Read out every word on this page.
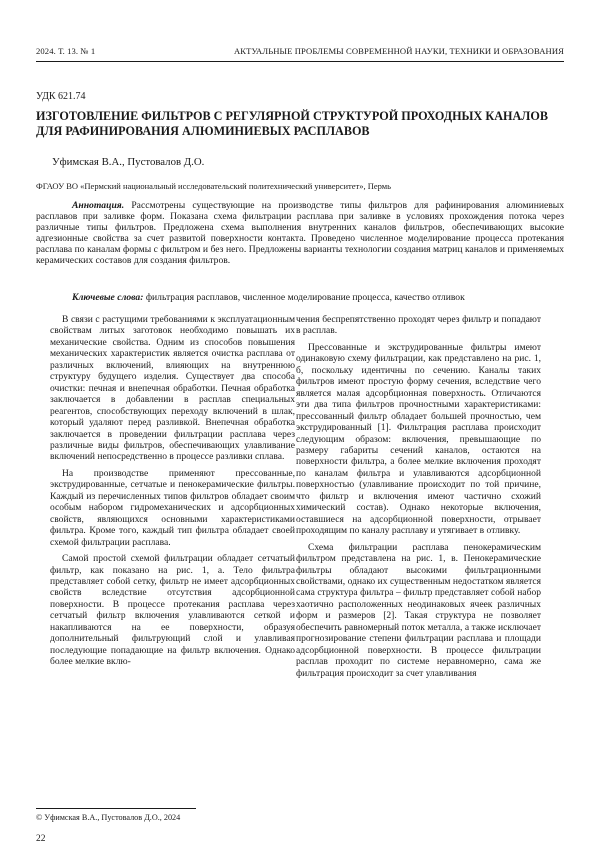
2024. Т. 13. № 1	АКТУАЛЬНЫЕ ПРОБЛЕМЫ СОВРЕМЕННОЙ НАУКИ, ТЕХНИКИ И ОБРАЗОВАНИЯ
УДК 621.74
ИЗГОТОВЛЕНИЕ ФИЛЬТРОВ С РЕГУЛЯРНОЙ СТРУКТУРОЙ ПРОХОДНЫХ КАНАЛОВ ДЛЯ РАФИНИРОВАНИЯ АЛЮМИНИЕВЫХ РАСПЛАВОВ
Уфимская В.А., Пустовалов Д.О.
ФГАОУ ВО «Пермский национальный исследовательский политехнический университет», Пермь

Аннотация. Рассмотрены существующие на производстве типы фильтров для рафинирования алюминиевых расплавов при заливке форм. Показана схема фильтрации расплава при заливке в условиях прохождения потока через различные типы фильтров. Предложена схема выполнения внутренних каналов фильтров, обеспечивающих высокие адгезионные свойства за счет развитой поверхности контакта. Проведено численное моделирование процесса протекания расплава по каналам формы с фильтром и без него. Предложены варианты технологии создания матриц каналов и применяемых керамических составов для создания фильтров.

Ключевые слова: фильтрация расплавов, численное моделирование процесса, качество отливок

В связи с растущими требованиями к эксплуатационным свойствам литых заготовок необходимо повышать их механические свойства. Одним из способов повышения механических характеристик является очистка расплава от различных включений, влияющих на внутреннюю структуру будущего изделия. Существует два способа очистки: печная и внепечная обработки. Печная обработка заключается в добавлении в расплав специальных реагентов, способствующих переходу включений в шлак, который удаляют перед разливкой. Внепечная обработка заключается в проведении фильтрации расплава через различные виды фильтров, обеспечивающих улавливание включений непосредственно в процессе разливки сплава.

На производстве применяют прессованные, экструдированные, сетчатые и пенокерамические фильтры. Каждый из перечисленных типов фильтров обладает своим особым набором гидромеханических и адсорбционных свойств, являющихся основными характеристиками фильтра. Кроме того, каждый тип фильтра обладает своей схемой фильтрации расплава.

Самой простой схемой фильтрации обладает сетчатый фильтр, как показано на рис. 1, а. Тело фильтра представляет собой сетку, фильтр не имеет адсорбционных свойств вследствие отсутствия адсорбционной поверхности. В процессе протекания расплава через сетчатый фильтр включения улавливаются сеткой и накапливаются на ее поверхности, образуя дополнительный фильтрующий слой и улавливая последующие попадающие на фильтр включения. Однако более мелкие вклю-

чения беспрепятственно проходят через фильтр и попадают в расплав.

Прессованные и экструдированные фильтры имеют одинаковую схему фильтрации, как представлено на рис. 1, б, поскольку идентичны по сечению. Каналы таких фильтров имеют простую форму сечения, вследствие чего является малая адсорбционная поверхность. Отличаются эти два типа фильтров прочностными характеристиками: прессованный фильтр обладает большей прочностью, чем экструдированный [1]. Фильтрация расплава происходит следующим образом: включения, превышающие по размеру габариты сечений каналов, остаются на поверхности фильтра, а более мелкие включения проходят по каналам фильтра и улавливаются адсорбционной поверхностью (улавливание происходит по той причине, что фильтр и включения имеют частично схожий химический состав). Однако некоторые включения, оставшиеся на адсорбционной поверхности, отрывает проходящим по каналу расплаву и утягивает в отливку.

Схема фильтрации расплава пенокерамическим фильтром представлена на рис. 1, в. Пенокерамические фильтры обладают высокими фильтрационными свойствами, однако их существенным недостатком является сама структура фильтра – фильтр представляет собой набор хаотично расположенных неодинаковых ячеек различных форм и размеров [2]. Такая структура не позволяет обеспечить равномерный поток металла, а также исключает прогнозирование степени фильтрации расплава и площади адсорбционной поверхности. В процессе фильтрации расплав проходит по системе неравномерно, сама же фильтрация происходит за счет улавливания

© Уфимская В.А., Пустовалов Д.О., 2024
22
